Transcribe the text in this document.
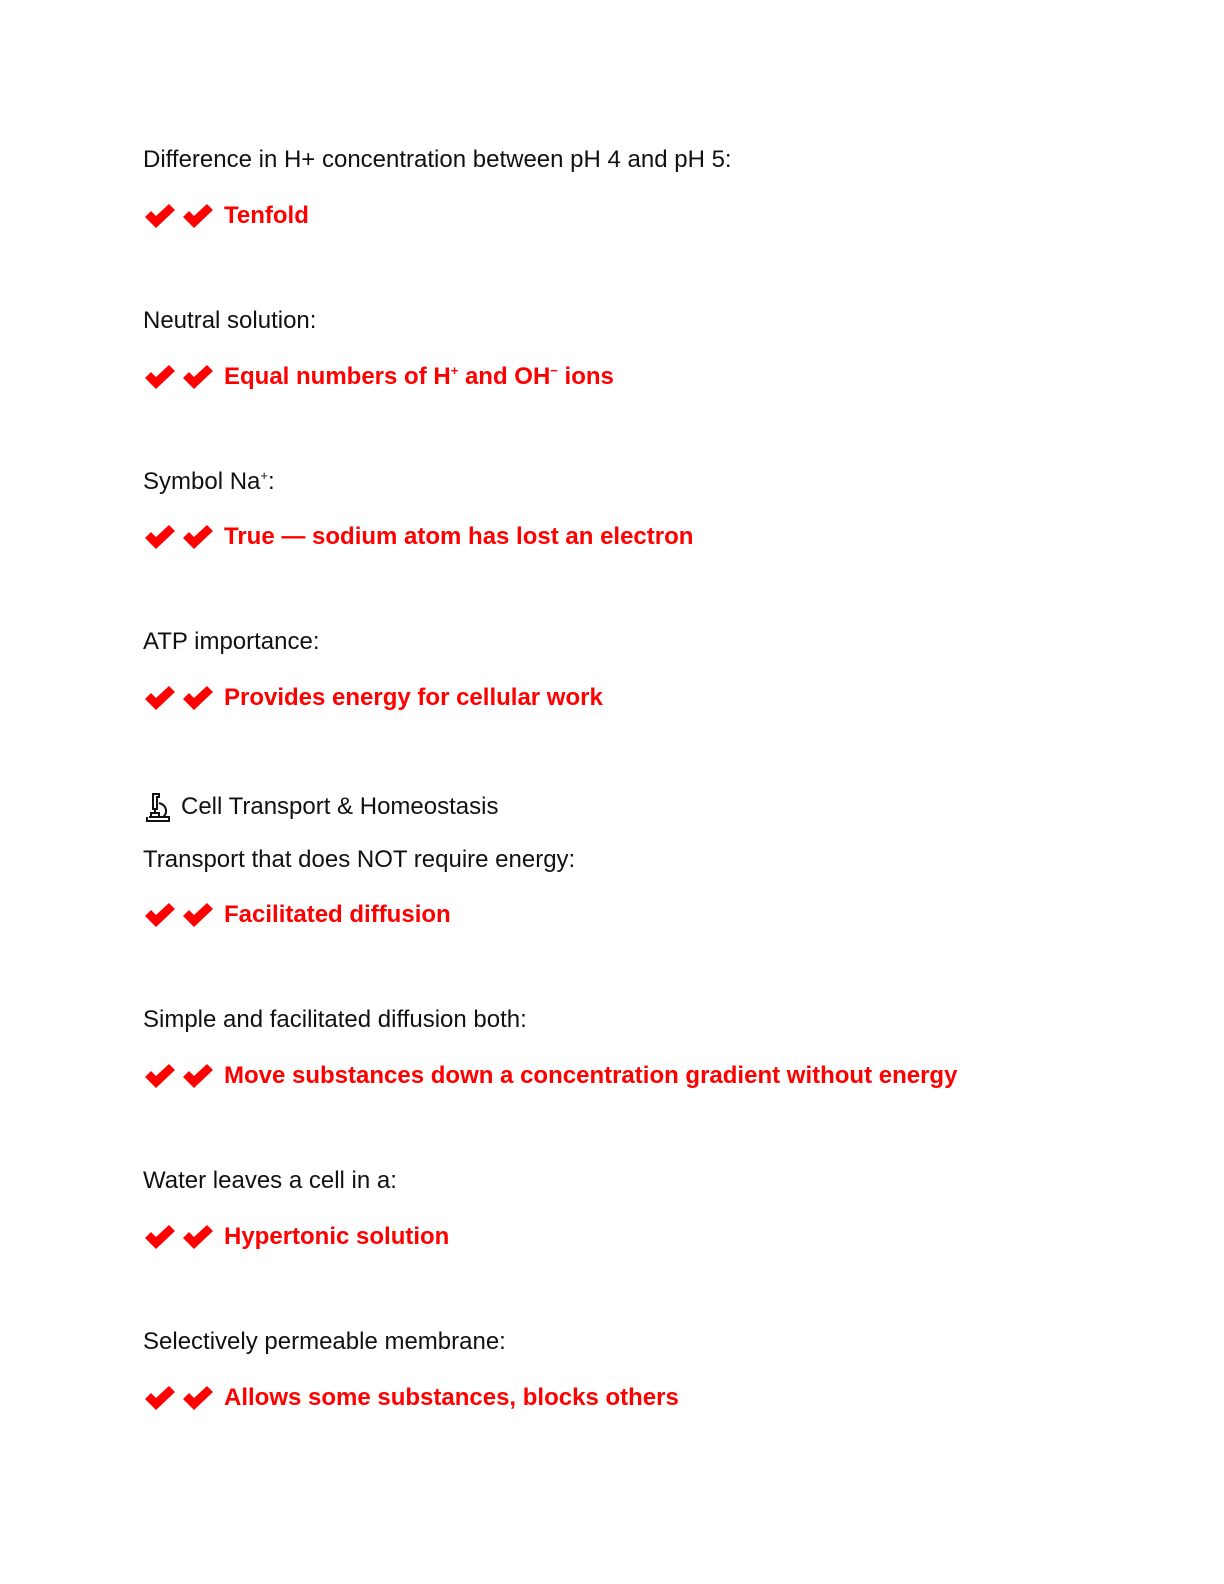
Difference in H+ concentration between pH 4 and pH 5:
Tenfold
Neutral solution:
Equal numbers of H+ and OH− ions
Symbol Na+:
True — sodium atom has lost an electron
ATP importance:
Provides energy for cellular work
Cell Transport & Homeostasis
Transport that does NOT require energy:
Facilitated diffusion
Simple and facilitated diffusion both:
Move substances down a concentration gradient without energy
Water leaves a cell in a:
Hypertonic solution
Selectively permeable membrane:
Allows some substances, blocks others
